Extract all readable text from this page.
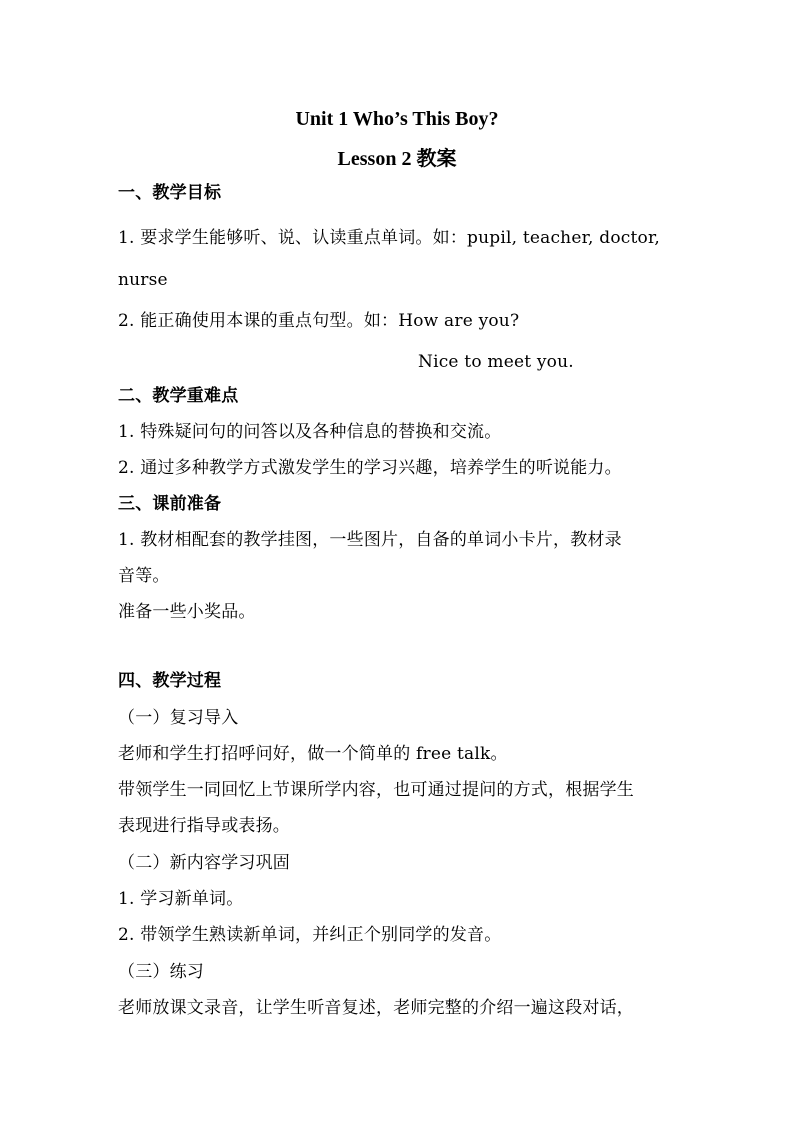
Unit 1 Who’s This Boy?
Lesson 2 教案
一、教学目标
1. 要求学生能够听、说、认读重点单词。如：pupil, teacher, doctor,
nurse
2. 能正确使用本课的重点句型。如：How are you?
Nice to meet you.
二、教学重难点
1. 特殊疑问句的问答以及各种信息的替换和交流。
2. 通过多种教学方式激发学生的学习兴趣，培养学生的听说能力。
三、课前准备
1. 教材相配套的教学挂图，一些图片，自备的单词小卡片，教材录
音等。
准备一些小奖品。
四、教学过程
（一）复习导入
老师和学生打招呼问好，做一个简单的 free talk。
带领学生一同回忆上节课所学内容，也可通过提问的方式，根据学生
表现进行指导或表扬。
（二）新内容学习巩固
1. 学习新单词。
2. 带领学生熟读新单词，并纠正个别同学的发音。
（三）练习
老师放课文录音，让学生听音复述，老师完整的介绍一遍这段对话，
